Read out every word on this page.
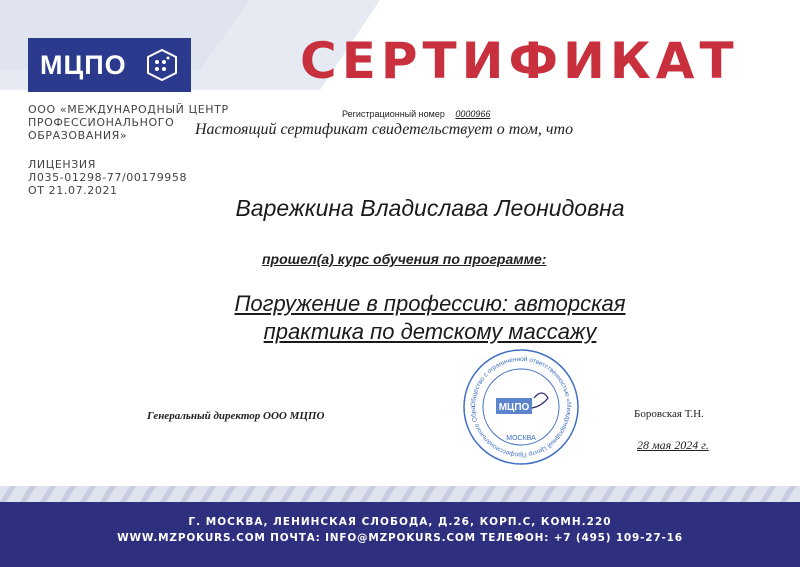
МЦПО
ООО «МЕЖДУНАРОДНЫЙ ЦЕНТР
ПРОФЕССИОНАЛЬНОГО
ОБРАЗОВАНИЯ»
ЛИЦЕНЗИЯ
Л035-01298-77/00179958
ОТ 21.07.2021
СЕРТИФИКАТ
Регистрационный номер 0000966
Настоящий сертификат свидетельствует о том, что
Варежкина Владислава Леонидовна
прошел(а) курс обучения по программе:
Погружение в профессию: авторская
практика по детскому массажу
Генеральный директор ООО МЦПО
Общество с ограниченной ответственностью «Международный Центр Профессионального Обра	МЦПО
МОСКВА
Боровская Т.Н.
28 мая 2024 г.
Г. МОСКВА, ЛЕНИНСКАЯ СЛОБОДА, Д.26, КОРП.С, КОМН.220
WWW.MZPOKURS.COM ПОЧТА: INFO@MZPOKURS.COM ТЕЛЕФОН: +7 (495) 109-27-16
